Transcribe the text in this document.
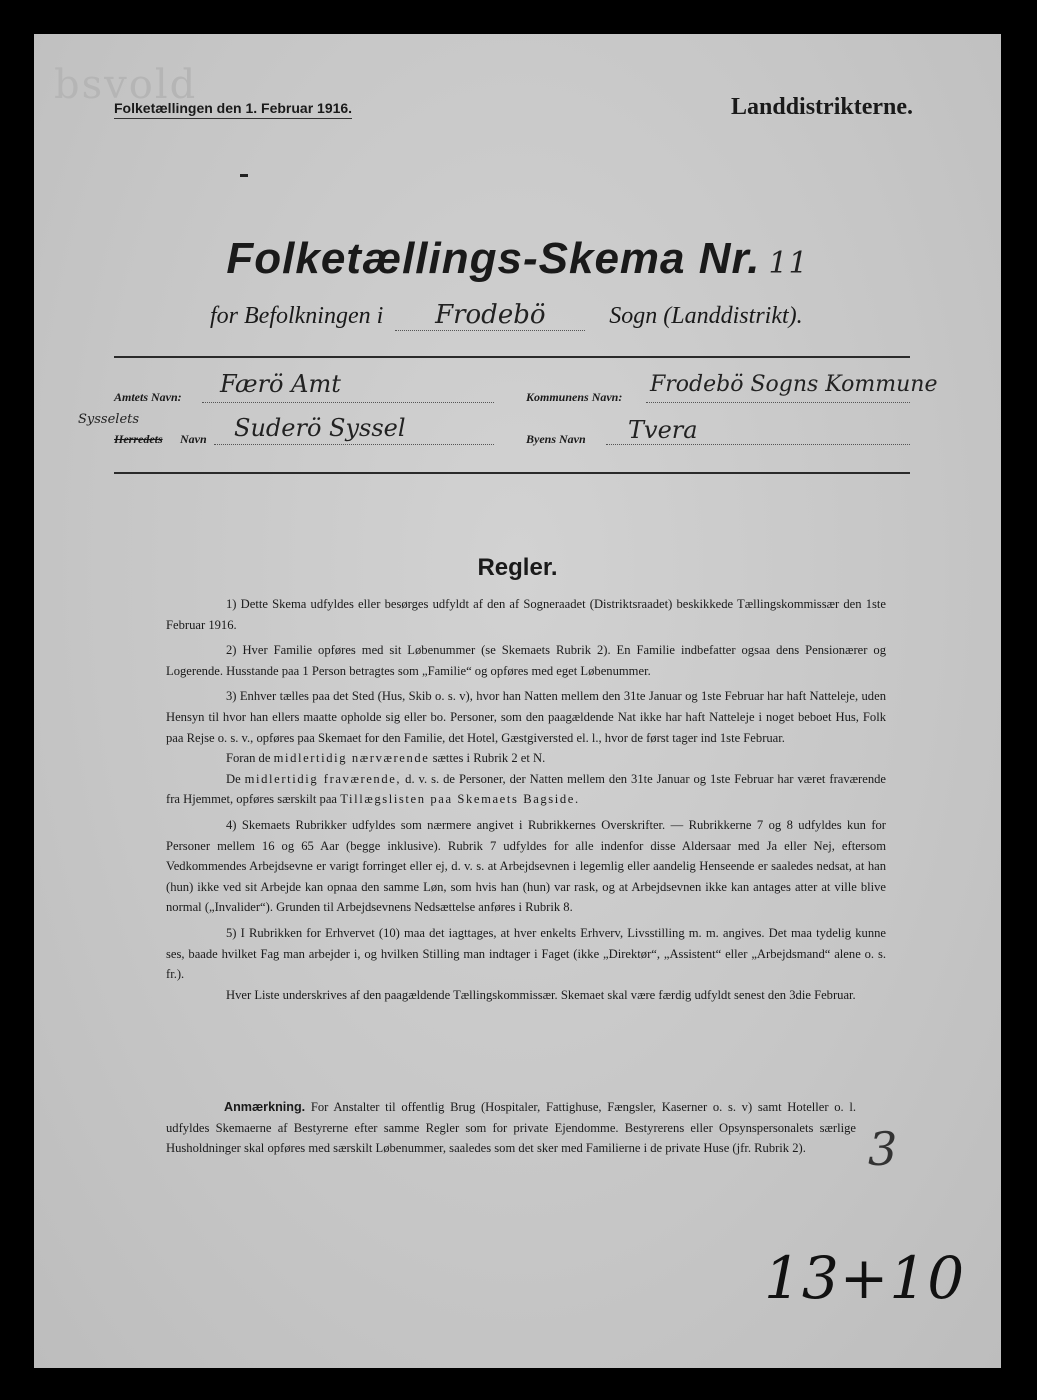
bsvold
Folketællingen den 1. Februar 1916.	Landdistrikterne.
Folketællings-Skema Nr. 11
for Befolkningen i Frodebö	Sogn (Landdistrikt).
Amtets Navn: Færö Amt	Kommunens Navn: Frodebö Sogns Kommune
Sysselets
Herredets Navn Suderö Syssel	Byens Navn Tvera
Regler.

1) Dette Skema udfyldes eller besørges udfyldt af den af Sogneraadet (Distriktsraadet) beskikkede Tællingskommissær den 1ste Februar 1916.

2) Hver Familie opføres med sit Løbenummer (se Skemaets Rubrik 2). En Familie indbefatter ogsaa dens Pensionærer og Logerende. Husstande paa 1 Person betragtes som „Familie“ og opføres med eget Løbenummer.

3) Enhver tælles paa det Sted (Hus, Skib o. s. v), hvor han Natten mellem den 31te Januar og 1ste Februar har haft Natteleje, uden Hensyn til hvor han ellers maatte opholde sig eller bo. Personer, som den paagældende Nat ikke har haft Natteleje i noget beboet Hus, Folk paa Rejse o. s. v., opføres paa Skemaet for den Familie, det Hotel, Gæstgiversted el. l., hvor de først tager ind 1ste Februar.

Foran de midlertidig nærværende sættes i Rubrik 2 et N.

De midlertidig fraværende, d. v. s. de Personer, der Natten mellem den 31te Januar og 1ste Februar har været fraværende fra Hjemmet, opføres særskilt paa Tillægslisten paa Skemaets Bagside.

4) Skemaets Rubrikker udfyldes som nærmere angivet i Rubrikkernes Overskrifter. — Rubrikkerne 7 og 8 udfyldes kun for Personer mellem 16 og 65 Aar (begge inklusive). Rubrik 7 udfyldes for alle indenfor disse Aldersaar med Ja eller Nej, eftersom Vedkommendes Arbejdsevne er varigt forringet eller ej, d. v. s. at Arbejdsevnen i legemlig eller aandelig Henseende er saaledes nedsat, at han (hun) ikke ved sit Arbejde kan opnaa den samme Løn, som hvis han (hun) var rask, og at Arbejdsevnen ikke kan antages atter at ville blive normal („Invalider“). Grunden til Arbejdsevnens Nedsættelse anføres i Rubrik 8.

5) I Rubrikken for Erhvervet (10) maa det iagttages, at hver enkelts Erhverv, Livsstilling m. m. angives. Det maa tydelig kunne ses, baade hvilket Fag man arbejder i, og hvilken Stilling man indtager i Faget (ikke „Direktør“, „Assistent“ eller „Arbejdsmand“ alene o. s. fr.).

Hver Liste underskrives af den paagældende Tællingskommissær. Skemaet skal være færdig udfyldt senest den 3die Februar.

Anmærkning. For Anstalter til offentlig Brug (Hospitaler, Fattighuse, Fængsler, Kaserner o. s. v) samt Hoteller o. l. udfyldes Skemaerne af Bestyrerne efter samme Regler som for private Ejendomme. Bestyrerens eller Opsynspersonalets særlige Husholdninger skal opføres med særskilt Løbenummer, saaledes som det sker med Familierne i de private Huse (jfr. Rubrik 2).	3
13+10
